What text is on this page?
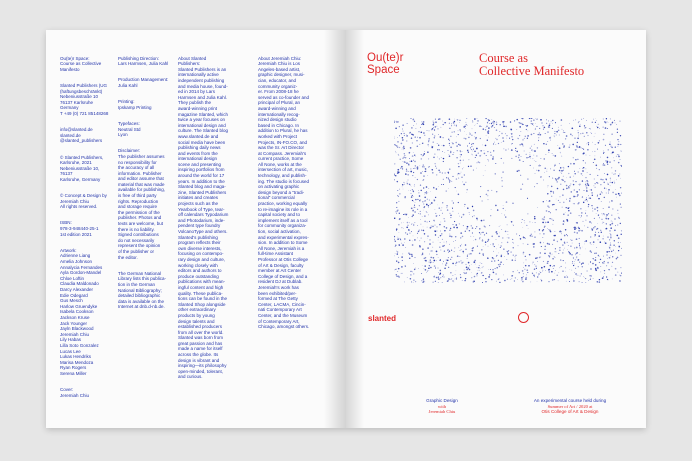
Ou(te)r Space:
Course as Collective
Manifesto

Slanted Publishers (UG
(haftungsbeschränkt)
Nebeniusstraße 10
76137 Karlsruhe
Germany
T +49 (0) 721 85148268

info@slanted.de
slanted.de
@slanted_publishers

© Slanted Publishers,
Karlsruhe, 2021
Nebeniusstraße 10, 76137
Karlsruhe, Germany

© Concept & Design by
Jeremiah Chiu
All rights reserved.

ISBN:
978-3-948440-25-1
1st edition 2021

Artwork:
Adrienne Liang
Amelia Johnson
Annalycia Fernandes
Ayla Gordon-Mandel
Chloe Loftin
Claudia Maldonado
Darcy Alexander
Edie Odegard
Gus Mesch
Harlow Gruendyke
Isabela Cookson
Jackson Kruse
Jack Younger
Jayln Blackwood
Jeremiah Chiu
Lily Habas
Lilla Soto Gonzalez
Lucas Lee
Lukas Hendriks
Marisa Mendoza
Ryan Rogers
Serena Miller

Cover:
Jeremiah Chiu

Publishing Direction:
Lars Harmsen, Julia Kahl

Production Management:
Julia Kahl

Printing:
Ipskamp Printing

Typefaces:
Neutral Std
Lyon

Disclaimer:
The publisher assumes
no responsibility for
the accuracy of all
information. Publisher
and editor assume that
material that was made
available for publishing,
is free of third party
rights. Reproduction
and storage require
the permission of the
publisher. Photos and
texts are welcome, but
there is no liability.
Signed contributions
do not necessarily
represent the opinion
of the publisher or
the editor.

The German National
Library lists this publica-
tion in the German
National Bibliography;
detailed bibliographic
data is available on the
Internet at dnb.d-nb.de.

About Slanted
Publishers:
Slanted Publishers is an
internationally active
independent publishing
and media house, found-
ed in 2014 by Lars
Harmsen and Julia Kahl.
They publish the
award-winning print
magazine Slanted, which
twice a year focuses on
international design and
culture. The Slanted blog
www.slanted.de and
social media have been
publishing daily news
and events from the
international design
scene and presenting
inspiring portfolios from
around the world for 17
years. In addition to the
Slanted blog and maga-
zine, Slanted Publishers
initiates and creates
projects such as the
Yearbook of Type, tear-
off calendars Typodarium
and Photodarium, inde-
pendent type foundry
VolcanoType and others.
Slanted's publishing
program reflects their
own diverse interests,
focusing on contempo-
rary design and culture,
working closely with
editors and authors to
produce outstanding
publications with mean-
ingful content and high
quality. These publica-
tions can be found in the
Slanted Shop alongside
other extraordinary
products by young
design talents and
established producers
from all over the world.
Slanted was born from
great passion and has
made a name for itself
across the globe. Its
design is vibrant and
inspiring—its philosophy
open-minded, tolerant,
and curious.

About Jeremiah Chiu:
Jeremiah Chiu is Los
Angeles-based artist,
graphic designer, musi-
cian, educator, and
community organiz-
er. From 2008-18 he
served as co-founder and
principal of Plural, an
award-winning and
internationally recog-
nized design studio
based in Chicago. In
addition to Plural, he has
worked with Project
Projects, IN-FO.CO, and
was the Sr. Art Director
at Compass. Jeremiah's
current practice, Some
All None, works at the
intersection of art, music,
technology, and publish-
ing. The studio is focused
on activating graphic
design beyond a "tradi-
tional" commercial
practice, working equally
to re-imagine its role in a
capital society and to
implement itself as a tool
for community organiza-
tion, social activation,
and experimental expres-
sion. In addition to Some
All None, Jeremiah is a
full-time Assistant
Professor at Otis College
of Art & Design, faculty
member at Art Center
College of Design, and a
resident DJ at Dublab.
Jeremiah's work has
been exhibited/per-
formed at The Getty
Center, LACMA, Cincin-
nati Contemporary Art
Center, and the Museum
of Contemporary Art,
Chicago, amongst others.

Ou(te)r
Space
Course as
Collective Manifesto
slanted
Graphic Design
with
Jeremiah Chiu
An experimental course held during
Summer of Art / 2020 at
Otis College of Art & Design
